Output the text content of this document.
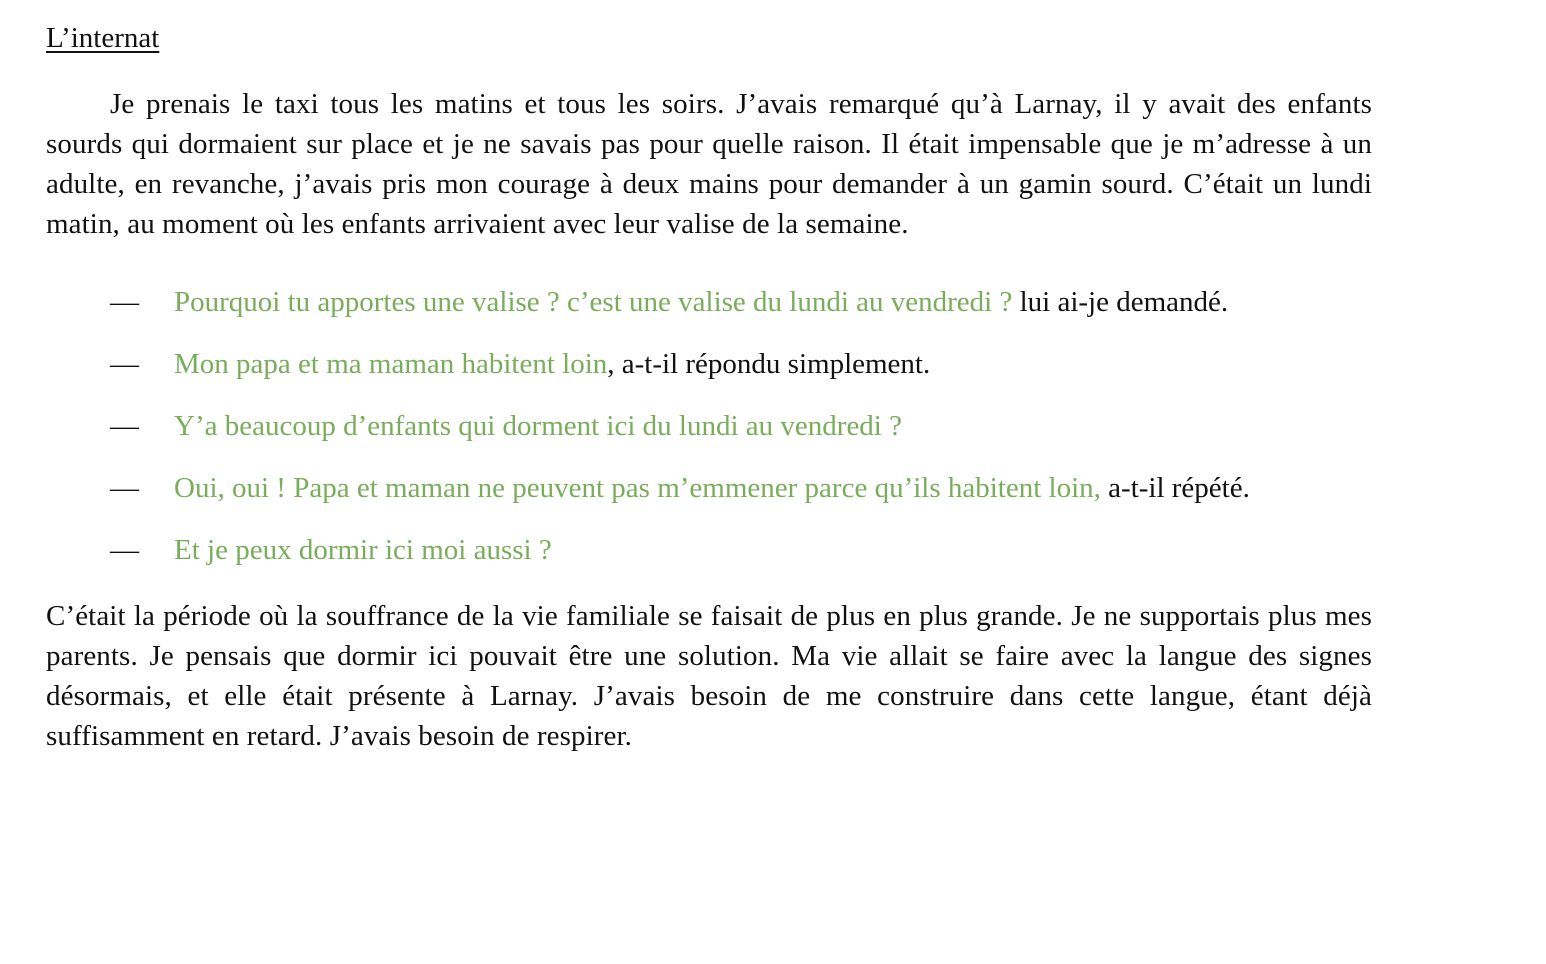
L’internat

Je prenais le taxi tous les matins et tous les soirs. J’avais remarqué qu’à Larnay, il y avait des enfants sourds qui dormaient sur place et je ne savais pas pour quelle raison. Il était impensable que je m’adresse à un adulte, en revanche, j’avais pris mon courage à deux mains pour demander à un gamin sourd. C’était un lundi matin, au moment où les enfants arrivaient avec leur valise de la semaine.

—	Pourquoi tu apportes une valise ? c’est une valise du lundi au vendredi ? lui ai-je demandé.
—	Mon papa et ma maman habitent loin, a-t-il répondu simplement.
—	Y’a beaucoup d’enfants qui dorment ici du lundi au vendredi ?
—	Oui, oui ! Papa et maman ne peuvent pas m’emmener parce qu’ils habitent loin, a-t-il répété.
—	Et je peux dormir ici moi aussi ?

C’était la période où la souffrance de la vie familiale se faisait de plus en plus grande. Je ne supportais plus mes parents. Je pensais que dormir ici pouvait être une solution. Ma vie allait se faire avec la langue des signes désormais, et elle était présente à Larnay. J’avais besoin de me construire dans cette langue, étant déjà suffisamment en retard. J’avais besoin de respirer.
